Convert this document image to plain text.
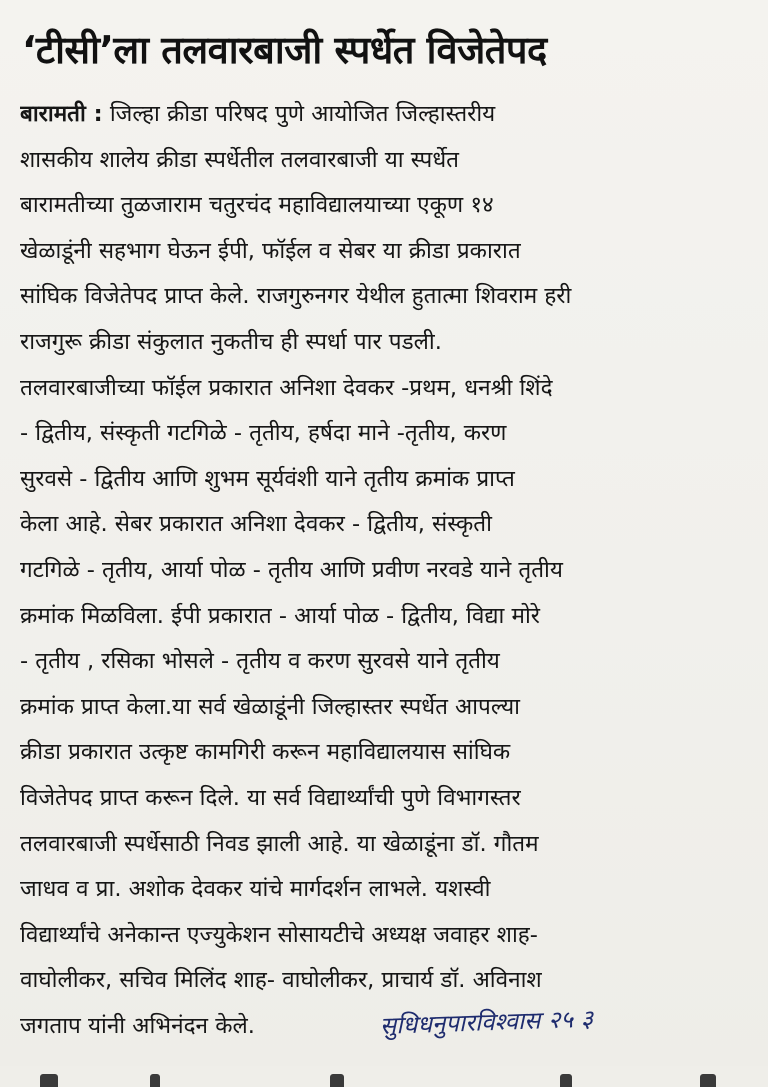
‘टीसी’ला तलवारबाजी स्पर्धेत विजेतेपद
बारामती : जिल्हा क्रीडा परिषद पुणे आयोजित जिल्हास्तरीय
शासकीय शालेय क्रीडा स्पर्धेतील तलवारबाजी या स्पर्धेत
बारामतीच्या तुळजाराम चतुरचंद महाविद्यालयाच्या एकूण १४
खेळाडूंनी सहभाग घेऊन ईपी, फॉईल व सेबर या क्रीडा प्रकारात
सांघिक विजेतेपद प्राप्त केले. राजगुरुनगर येथील हुतात्मा शिवराम हरी
राजगुरू क्रीडा संकुलात नुकतीच ही स्पर्धा पार पडली.
तलवारबाजीच्या फॉईल प्रकारात अनिशा देवकर -प्रथम, धनश्री शिंदे
- द्वितीय, संस्कृती गटगिळे - तृतीय, हर्षदा माने -तृतीय, करण
सुरवसे - द्वितीय आणि शुभम सूर्यवंशी याने तृतीय क्रमांक प्राप्त
केला आहे. सेबर प्रकारात अनिशा देवकर - द्वितीय, संस्कृती
गटगिळे - तृतीय, आर्या पोळ - तृतीय आणि प्रवीण नरवडे याने तृतीय
क्रमांक मिळविला. ईपी प्रकारात - आर्या पोळ - द्वितीय, विद्या मोरे
- तृतीय , रसिका भोसले - तृतीय व करण सुरवसे याने तृतीय
क्रमांक प्राप्त केला.या सर्व खेळाडूंनी जिल्हास्तर स्पर्धेत आपल्या
क्रीडा प्रकारात उत्कृष्ट कामगिरी करून महाविद्यालयास सांघिक
विजेतेपद प्राप्त करून दिले. या सर्व विद्यार्थ्यांची पुणे विभागस्तर
तलवारबाजी स्पर्धेसाठी निवड झाली आहे. या खेळाडूंना डॉ. गौतम
जाधव व प्रा. अशोक देवकर यांचे मार्गदर्शन लाभले. यशस्वी
विद्यार्थ्यांचे अनेकान्त एज्युकेशन सोसायटीचे अध्यक्ष जवाहर शाह-
वाघोलीकर, सचिव मिलिंद शाह- वाघोलीकर, प्राचार्य डॉ. अविनाश
जगताप यांनी अभिनंदन केले.	सुधिधनुपारविश्वास २५ ३
